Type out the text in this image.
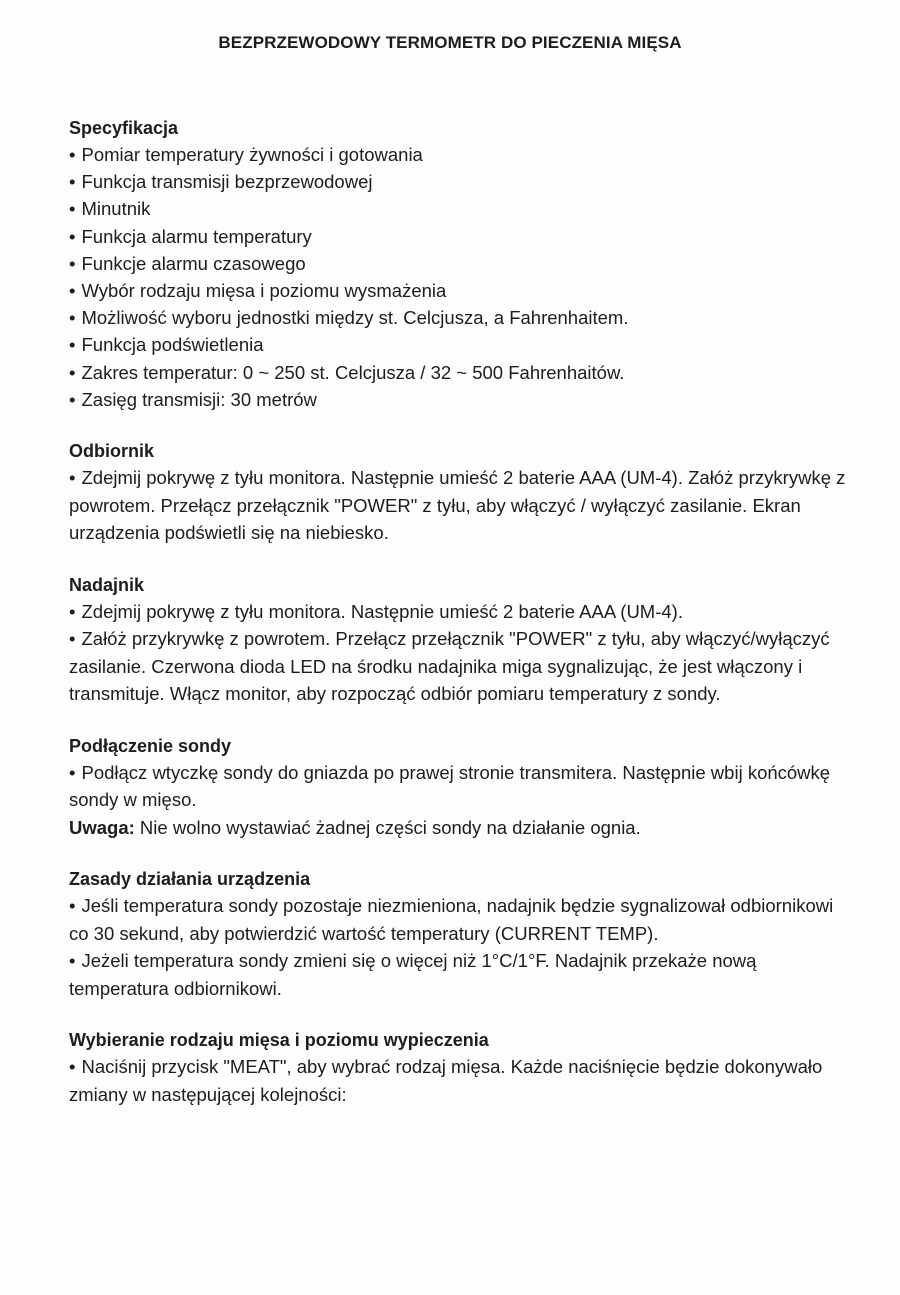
BEZPRZEWODOWY TERMOMETR DO PIECZENIA MIĘSA

Specyfikacja

• Pomiar temperatury żywności i gotowania

• Funkcja transmisji bezprzewodowej

• Minutnik

• Funkcja alarmu temperatury

• Funkcje alarmu czasowego

• Wybór rodzaju mięsa i poziomu wysmażenia

• Możliwość wyboru jednostki między st. Celcjusza, a Fahrenhaitem.

• Funkcja podświetlenia

• Zakres temperatur: 0 ~ 250 st. Celcjusza / 32 ~ 500 Fahrenhaitów.

• Zasięg transmisji: 30 metrów

Odbiornik

• Zdejmij pokrywę z tyłu monitora. Następnie umieść 2 baterie AAA (UM-4). Załóż przykrywkę z powrotem. Przełącz przełącznik "POWER" z tyłu, aby włączyć / wyłączyć zasilanie. Ekran urządzenia podświetli się na niebiesko.

Nadajnik

• Zdejmij pokrywę z tyłu monitora. Następnie umieść 2 baterie AAA (UM-4).

• Załóż przykrywkę z powrotem. Przełącz przełącznik "POWER" z tyłu, aby włączyć/wyłączyć zasilanie. Czerwona dioda LED na środku nadajnika miga sygnalizując, że jest włączony i transmituje. Włącz monitor, aby rozpocząć odbiór pomiaru temperatury z sondy.

Podłączenie sondy

• Podłącz wtyczkę sondy do gniazda po prawej stronie transmitera. Następnie wbij końcówkę sondy w mięso.

Uwaga: Nie wolno wystawiać żadnej części sondy na działanie ognia.

Zasady działania urządzenia

• Jeśli temperatura sondy pozostaje niezmieniona, nadajnik będzie sygnalizował odbiornikowi co 30 sekund, aby potwierdzić wartość temperatury (CURRENT TEMP).

• Jeżeli temperatura sondy zmieni się o więcej niż 1°C/1°F. Nadajnik przekaże nową temperatura odbiornikowi.

Wybieranie rodzaju mięsa i poziomu wypieczenia

• Naciśnij przycisk "MEAT", aby wybrać rodzaj mięsa. Każde naciśnięcie będzie dokonywało zmiany w następującej kolejności:
